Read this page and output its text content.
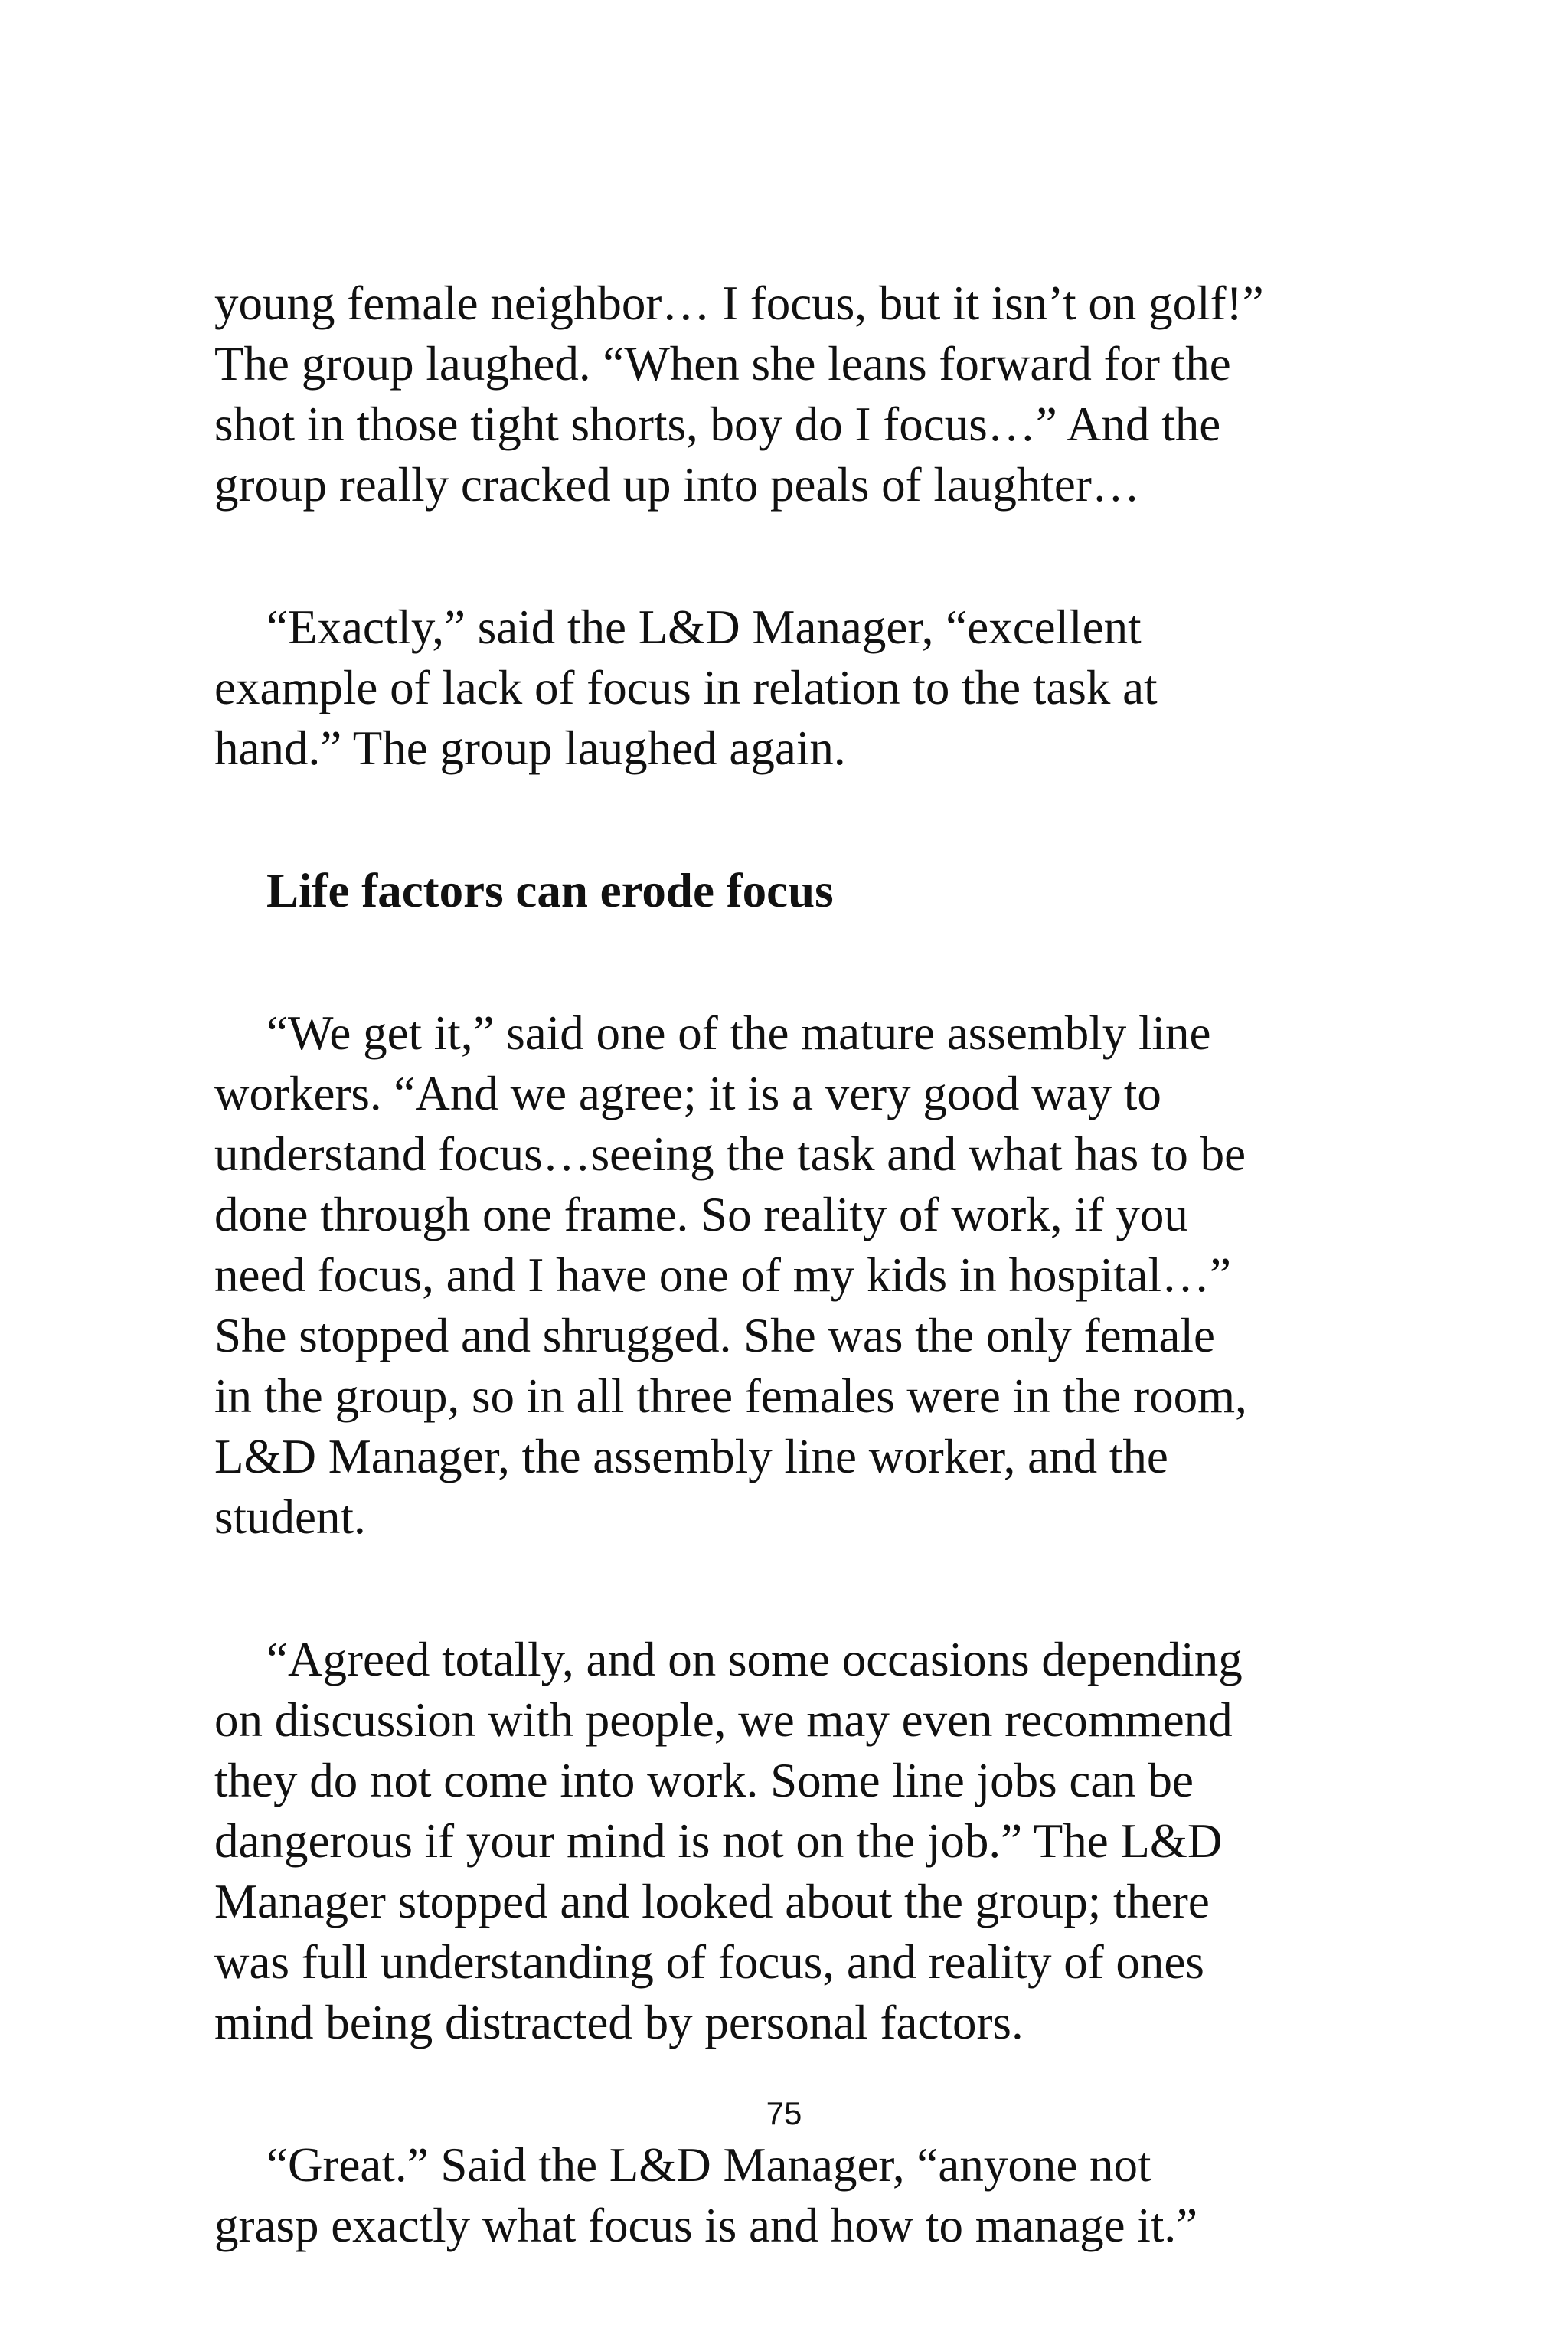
young female neighbor… I focus, but it isn’t on golf!”
The group laughed. “When she leans forward for the
shot in those tight shorts, boy do I focus…” And the
group really cracked up into peals of laughter…

“Exactly,” said the L&D Manager, “excellent
example of lack of focus in relation to the task at
hand.” The group laughed again.

Life factors can erode focus

“We get it,” said one of the mature assembly line
workers. “And we agree; it is a very good way to
understand focus…seeing the task and what has to be
done through one frame. So reality of work, if you
need focus, and I have one of my kids in hospital…”
She stopped and shrugged. She was the only female
in the group, so in all three females were in the room,
L&D Manager, the assembly line worker, and the
student.

“Agreed totally, and on some occasions depending
on discussion with people, we may even recommend
they do not come into work. Some line jobs can be
dangerous if your mind is not on the job.” The L&D
Manager stopped and looked about the group; there
was full understanding of focus, and reality of ones
mind being distracted by personal factors.

“Great.” Said the L&D Manager, “anyone not
grasp exactly what focus is and how to manage it.”

75
